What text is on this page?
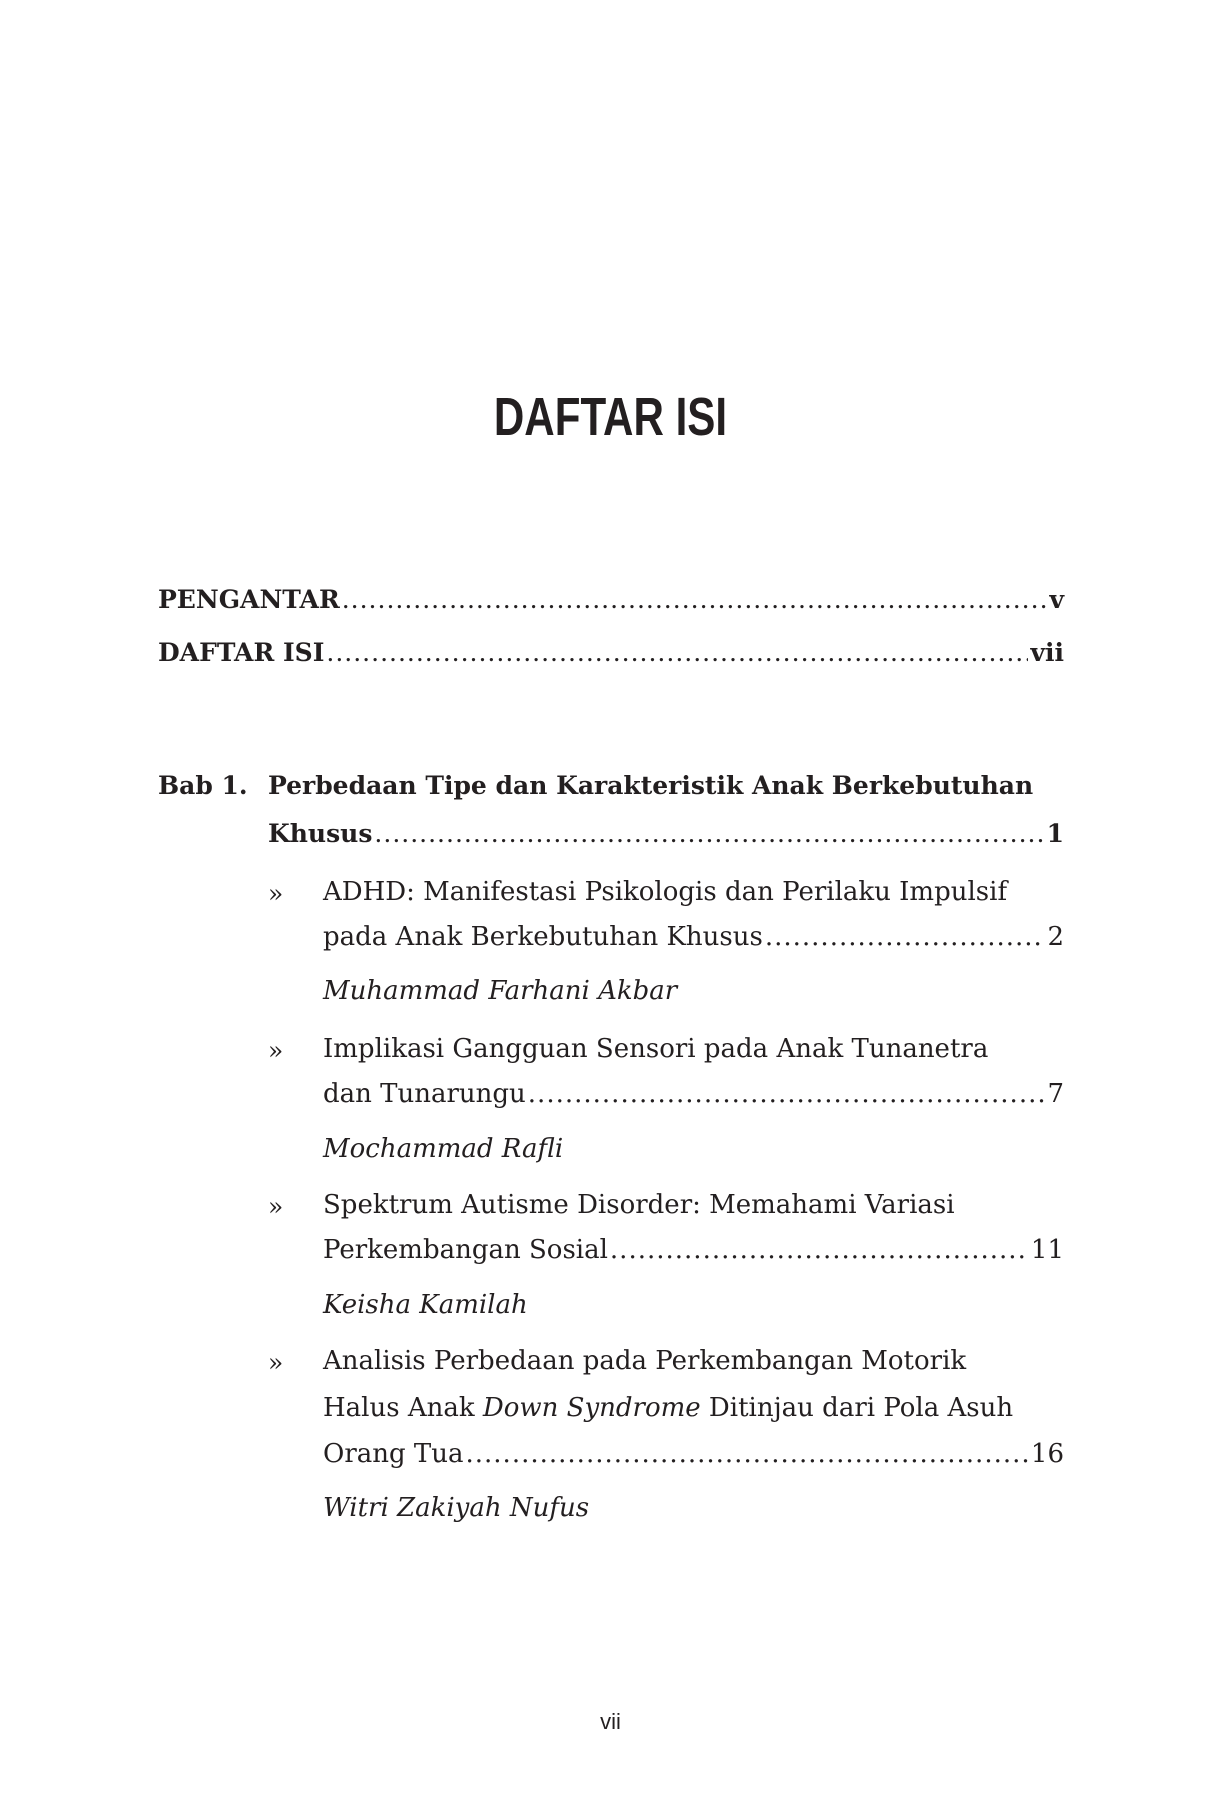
DAFTAR ISI
PENGANTAR .....	v
DAFTAR ISI .....	vii
Bab 1. Perbedaan Tipe dan Karakteristik Anak Berkebutuhan
Khusus .....	1
» ADHD: Manifestasi Psikologis dan Perilaku Impulsif
pada Anak Berkebutuhan Khusus .....	2
Muhammad Farhani Akbar
» Implikasi Gangguan Sensori pada Anak Tunanetra
dan Tunarungu .....	7
Mochammad Rafli
» Spektrum Autisme Disorder: Memahami Variasi
Perkembangan Sosial .....	11
Keisha Kamilah
» Analisis Perbedaan pada Perkembangan Motorik
Halus Anak Down Syndrome Ditinjau dari Pola Asuh
Orang Tua .....	16
Witri Zakiyah Nufus
vii
